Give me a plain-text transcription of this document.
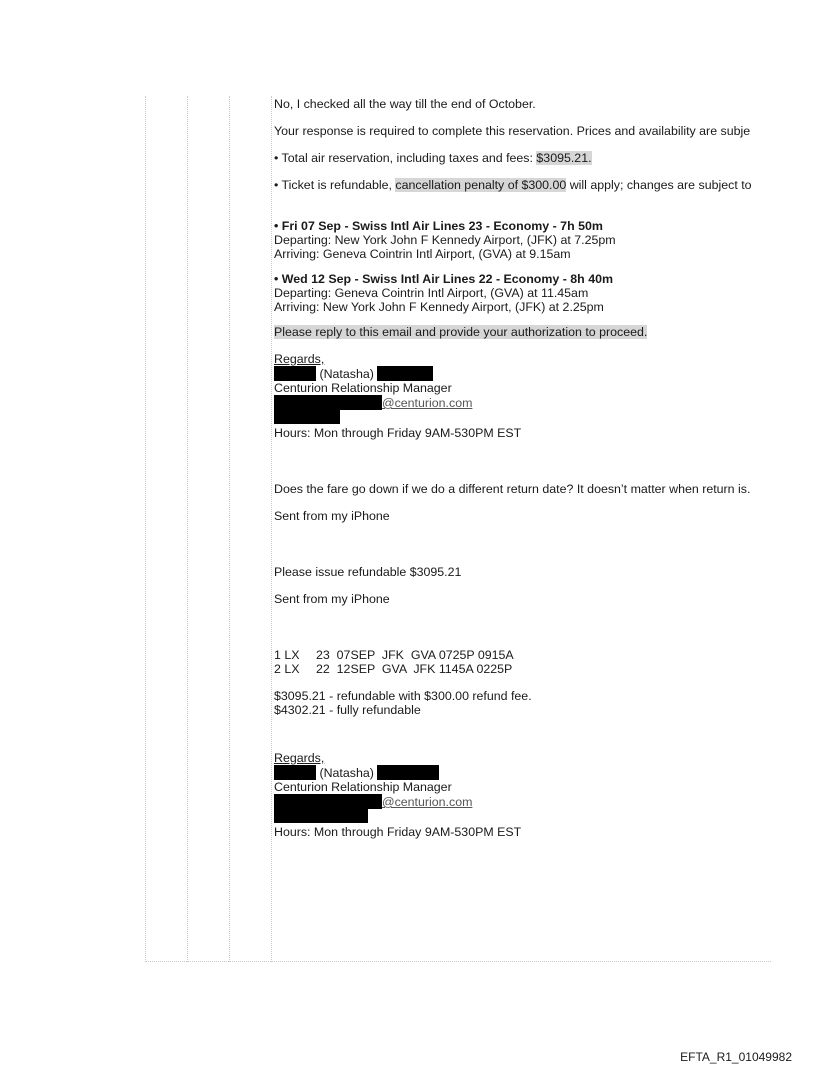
No, I checked all the way till the end of October.

Your response is required to complete this reservation. Prices and availability are subje

• Total air reservation, including taxes and fees: $3095.21.

• Ticket is refundable, cancellation penalty of $300.00 will apply; changes are subject to

• Fri 07 Sep - Swiss Intl Air Lines 23 - Economy - 7h 50m

Departing: New York John F Kennedy Airport, (JFK) at 7.25pm

Arriving: Geneva Cointrin Intl Airport, (GVA) at 9.15am

• Wed 12 Sep - Swiss Intl Air Lines 22 - Economy - 8h 40m

Departing: Geneva Cointrin Intl Airport, (GVA) at 11.45am

Arriving: New York John F Kennedy Airport, (JFK) at 2.25pm

Please reply to this email and provide your authorization to proceed.

Regards,

(Natasha)

Centurion Relationship Manager

@centurion.com

Hours: Mon through Friday 9AM-530PM EST

Does the fare go down if we do a different return date? It doesn’t matter when return is.

Sent from my iPhone

Please issue refundable $3095.21

Sent from my iPhone

1 LX	23  07SEP  JFK  GVA 0725P 0915A
2 LX	22  12SEP  GVA  JFK 1145A 0225P

$3095.21 - refundable with $300.00 refund fee.

$4302.21 - fully refundable

Regards,

(Natasha)

Centurion Relationship Manager

@centurion.com

Hours: Mon through Friday 9AM-530PM EST

EFTA_R1_01049982
